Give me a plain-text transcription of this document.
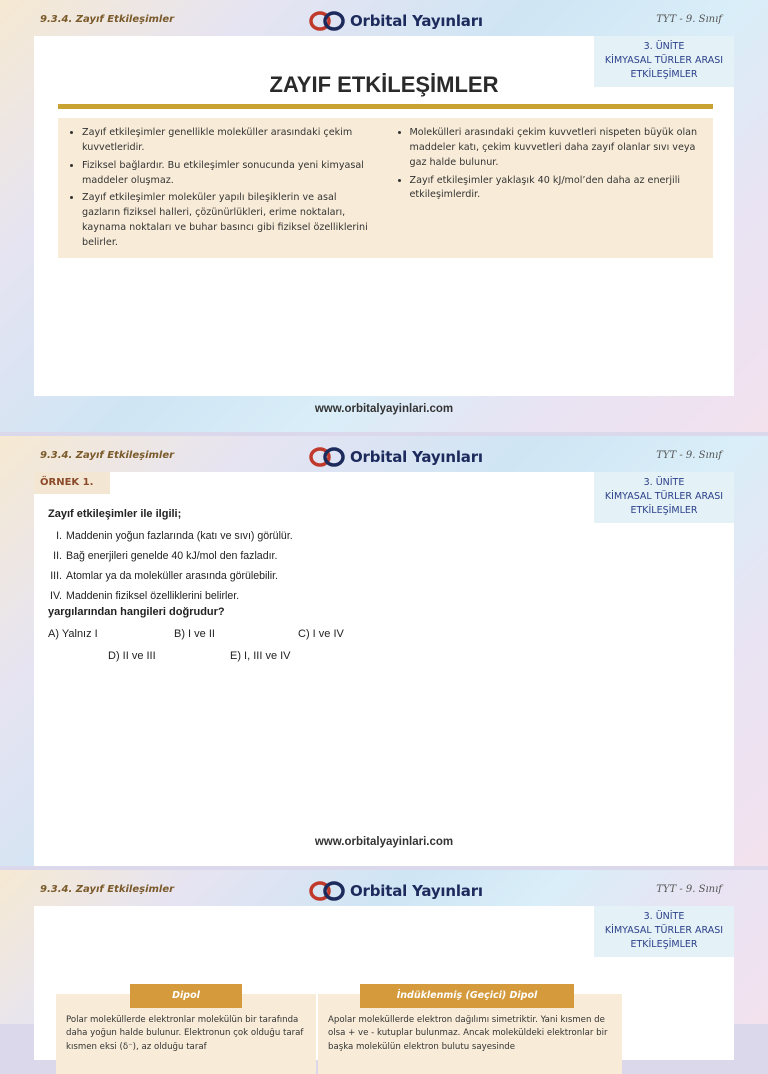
9.3.4. Zayıf Etkileşimler	Orbital Yayınları	TYT - 9. Sınıf
3. ÜNİTE
KİMYASAL TÜRLER ARASI
ETKİLEŞİMLER
ZAYIF ETKİLEŞİMLER
• Zayıf etkileşimler genellikle moleküller arasındaki çekim kuvvetleridir.
• Fiziksel bağlardır. Bu etkileşimler sonucunda yeni kimyasal maddeler oluşmaz.
• Zayıf etkileşimler moleküler yapılı bileşiklerin ve asal gazların fiziksel halleri, çözünürlükleri, erime noktaları, kaynama noktaları ve buhar basıncı gibi fiziksel özelliklerini belirler.
• Molekülleri arasındaki çekim kuvvetleri nispeten büyük olan maddeler katı, çekim kuvvetleri daha zayıf olanlar sıvı veya gaz halde bulunur.
• Zayıf etkileşimler yaklaşık 40 kJ/mol’den daha az enerjili etkileşimlerdir.
www.orbitalyayinlari.com
9.3.4. Zayıf Etkileşimler	Orbital Yayınları	TYT - 9. Sınıf
ÖRNEK 1.	3. ÜNİTE
KİMYASAL TÜRLER ARASI
ETKİLEŞİMLER
Zayıf etkileşimler ile ilgili;
I. Maddenin yoğun fazlarında (katı ve sıvı) görülür.
II. Bağ enerjileri genelde 40 kJ/mol den fazladır.
III. Atomlar ya da moleküller arasında görülebilir.
IV. Maddenin fiziksel özelliklerini belirler.
yargılarından hangileri doğrudur?
A) Yalnız I	B) I ve II	C) I ve IV
D) II ve III	E) I, III ve IV
www.orbitalyayinlari.com
9.3.4. Zayıf Etkileşimler	Orbital Yayınları	TYT - 9. Sınıf
3. ÜNİTE
KİMYASAL TÜRLER ARASI
ETKİLEŞİMLER
Dipol
Polar moleküllerde elektronlar molekülün bir tarafında daha yoğun halde bulunur. Elektronun çok olduğu taraf kısmen eksi (δ⁻), az olduğu taraf
İndüklenmiş (Geçici) Dipol
Apolar moleküllerde elektron dağılımı simetriktir. Yani kısmen de olsa + ve - kutuplar bulunmaz. Ancak moleküldeki elektronlar bir başka molekülün elektron bulutu sayesinde
